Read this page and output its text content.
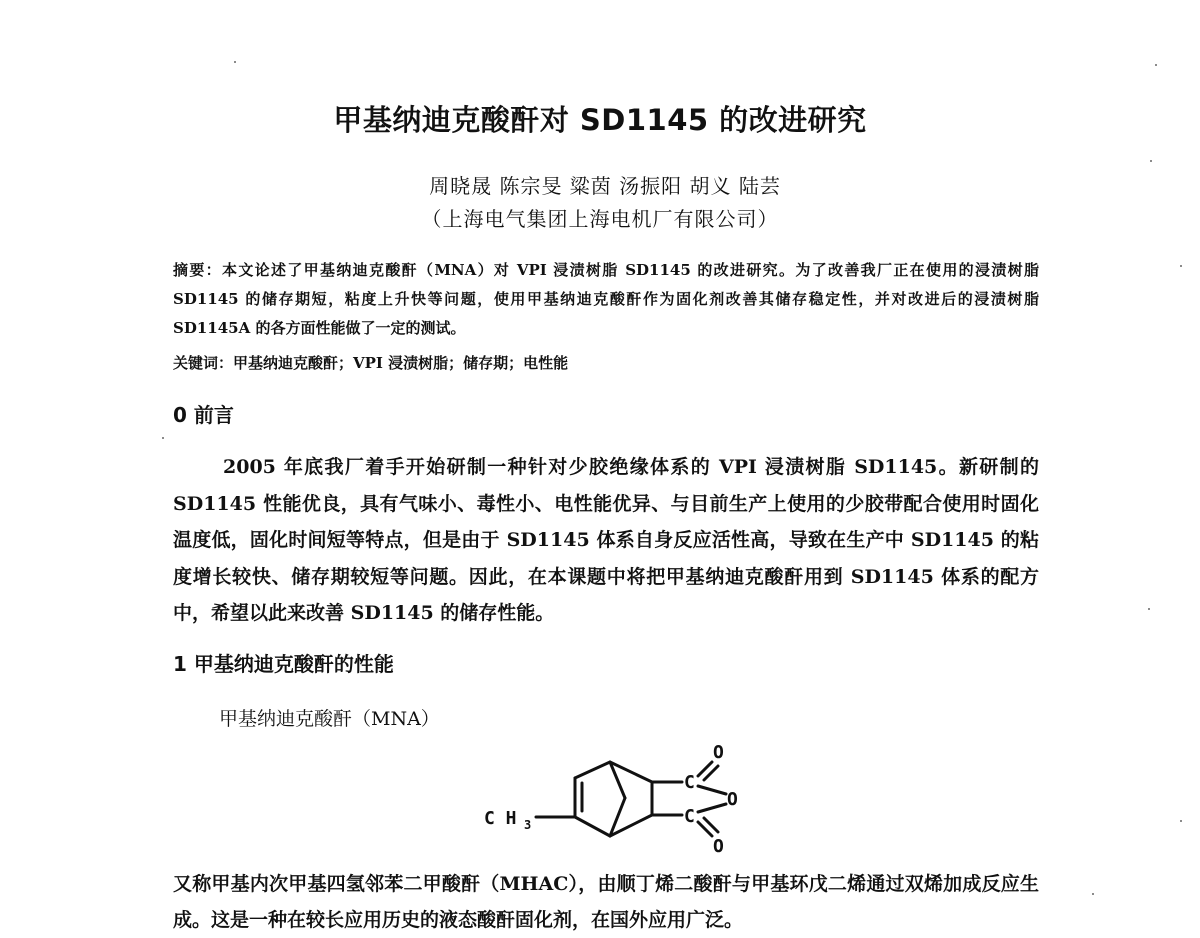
甲基纳迪克酸酐对 SD1145 的改进研究
周晓晟 陈宗旻 粱茵 汤振阳 胡义 陆芸
（上海电气集团上海电机厂有限公司）
摘要：本文论述了甲基纳迪克酸酐（MNA）对 VPI 浸渍树脂 SD1145 的改进研究。为了改善我厂正在使用的浸渍树脂 SD1145 的储存期短，粘度上升快等问题，使用甲基纳迪克酸酐作为固化剂改善其储存稳定性，并对改进后的浸渍树脂 SD1145A 的各方面性能做了一定的测试。
关键词：甲基纳迪克酸酐；VPI 浸渍树脂；储存期；电性能
0 前言
2005 年底我厂着手开始研制一种针对少胶绝缘体系的 VPI 浸渍树脂 SD1145。新研制的 SD1145 性能优良，具有气味小、毒性小、电性能优异、与目前生产上使用的少胶带配合使用时固化温度低，固化时间短等特点，但是由于 SD1145 体系自身反应活性高，导致在生产中 SD1145 的粘度增长较快、储存期较短等问题。因此，在本课题中将把甲基纳迪克酸酐用到 SD1145 体系的配方中，希望以此来改善 SD1145 的储存性能。
1 甲基纳迪克酸酐的性能
甲基纳迪克酸酐（MNA）
C H 3
C
C
O
O
O
又称甲基内次甲基四氢邻苯二甲酸酐（MHAC），由顺丁烯二酸酐与甲基环戊二烯通过双烯加成反应生成。这是一种在较长应用历史的液态酸酐固化剂，在国外应用广泛。
